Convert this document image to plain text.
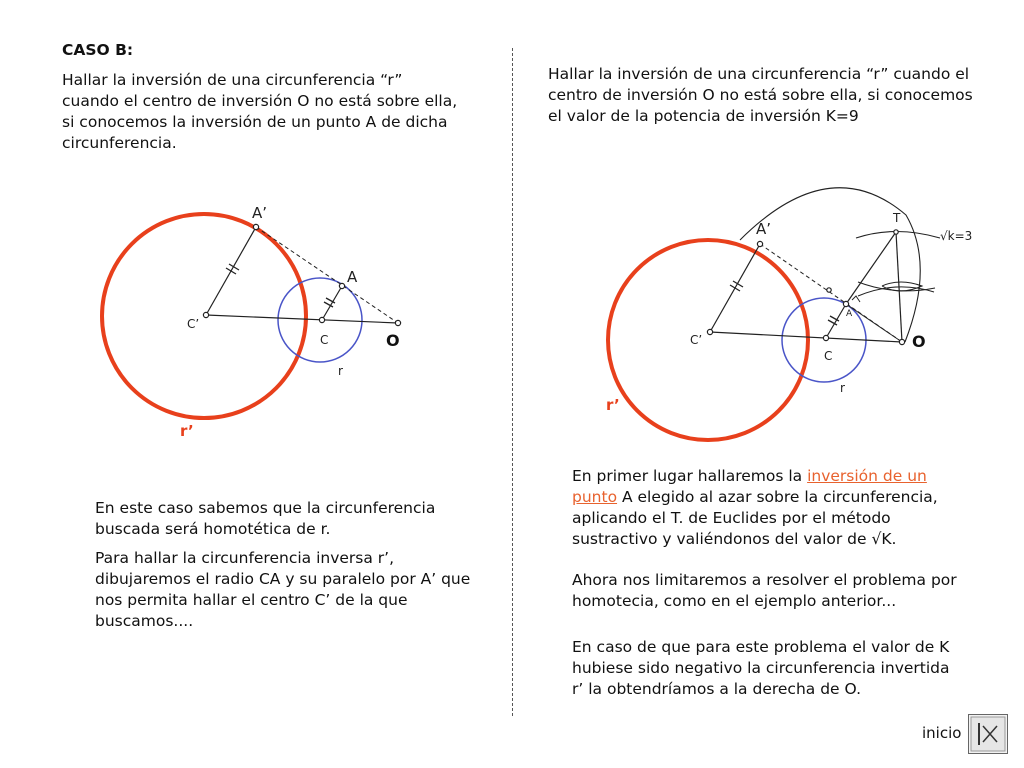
CASO B:
Hallar la inversión de una circunferencia “r” cuando el centro de inversión O no está sobre ella, si conocemos la inversión de un punto A de dicha circunferencia.
En este caso sabemos que la circunferencia buscada será homotética de r.
Para hallar la circunferencia inversa r’, dibujaremos el radio CA y su paralelo por A’ que nos permita hallar el centro C’ de la que buscamos....
Hallar la inversión de una circunferencia “r” cuando el centro de inversión O no está sobre ella, si conocemos el valor de la potencia de inversión K=9
En primer lugar hallaremos la inversión de un punto A elegido al azar sobre la circunferencia, aplicando el T. de Euclides por el método sustractivo y valiéndonos del valor de √K.
Ahora nos limitaremos a resolver el problema por homotecia, como en el ejemplo anterior...
En caso de que para este problema el valor de K hubiese sido negativo la circunferencia invertida r’ la obtendríamos a la derecha de O.
A’
A
C’
C	O
r
r’
T
√k=3
A’
A
C’
C
O
r
r’
inicio
